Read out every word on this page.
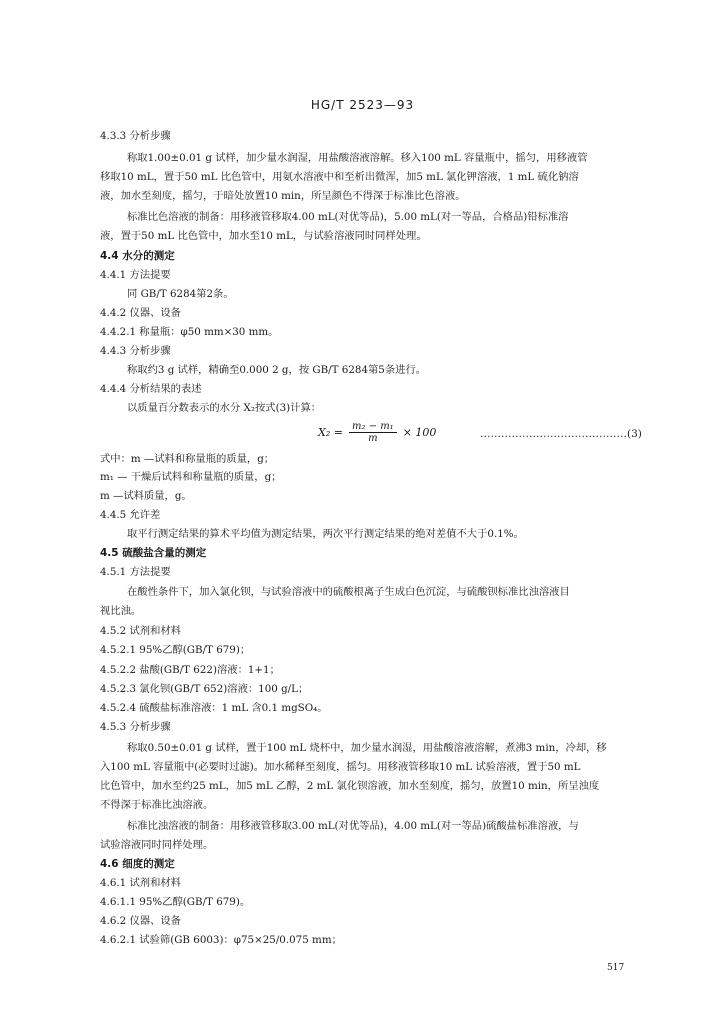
HG/T 2523—93
4.3.3 分析步骤
称取1.00±0.01 g 试样，加少量水润湿，用盐酸溶液溶解。移入100 mL 容量瓶中，摇匀，用移液管
移取10 mL，置于50 mL 比色管中，用氨水溶液中和至析出微浑，加5 mL 氯化钾溶液，1 mL 硫化钠溶
液，加水至刻度，摇匀，于暗处放置10 min，所呈颜色不得深于标准比色溶液。
标准比色溶液的制备：用移液管移取4.00 mL(对优等品)，5.00 mL(对一等品，合格品)铅标准溶
液，置于50 mL 比色管中，加水至10 mL，与试验溶液同时同样处理。
4.4 水分的测定
4.4.1 方法提要
同 GB/T 6284第2条。
4.4.2 仪器、设备
4.4.2.1 称量瓶：φ50 mm×30 mm。
4.4.3 分析步骤
称取约3 g 试样，精确至0.000 2 g，按 GB/T 6284第5条进行。
4.4.4 分析结果的表述
以质量百分数表示的水分 X₂按式(3)计算：
式中：m —试料和称量瓶的质量，g；
m₁ — 干燥后试料和称量瓶的质量，g；
m —试料质量，g。
4.4.5 允许差
取平行测定结果的算术平均值为测定结果，两次平行测定结果的绝对差值不大于0.1%。
4.5 硫酸盐含量的测定
4.5.1 方法提要
在酸性条件下，加入氯化钡，与试验溶液中的硫酸根离子生成白色沉淀，与硫酸钡标准比浊溶液目
视比浊。
4.5.2 试剂和材料
4.5.2.1 95%乙醇(GB/T 679)；
4.5.2.2 盐酸(GB/T 622)溶液：1+1；
4.5.2.3 氯化钡(GB/T 652)溶液：100 g/L；
4.5.2.4 硫酸盐标准溶液：1 mL 含0.1 mgSO₄。
4.5.3 分析步骤
称取0.50±0.01 g 试样，置于100 mL 烧杯中，加少量水润湿，用盐酸溶液溶解，煮沸3 min，冷却，移
入100 mL 容量瓶中(必要时过滤)。加水稀释至刻度，摇匀。用移液管移取10 mL 试验溶液，置于50 mL
比色管中，加水至约25 mL，加5 mL 乙醇，2 mL 氯化钡溶液，加水至刻度，摇匀，放置10 min，所呈浊度
不得深于标准比浊溶液。
标准比浊溶液的制备：用移液管移取3.00 mL(对优等品)，4.00 mL(对一等品)硫酸盐标准溶液，与
试验溶液同时同样处理。
4.6 细度的测定
4.6.1 试剂和材料
4.6.1.1 95%乙醇(GB/T 679)。
4.6.2 仪器、设备
4.6.2.1 试验筛(GB 6003)：φ75×25/0.075 mm；
$X_2 = \frac{\text{m₂ − m₁}}{m} \times 100$	……………………………………(3)
517
